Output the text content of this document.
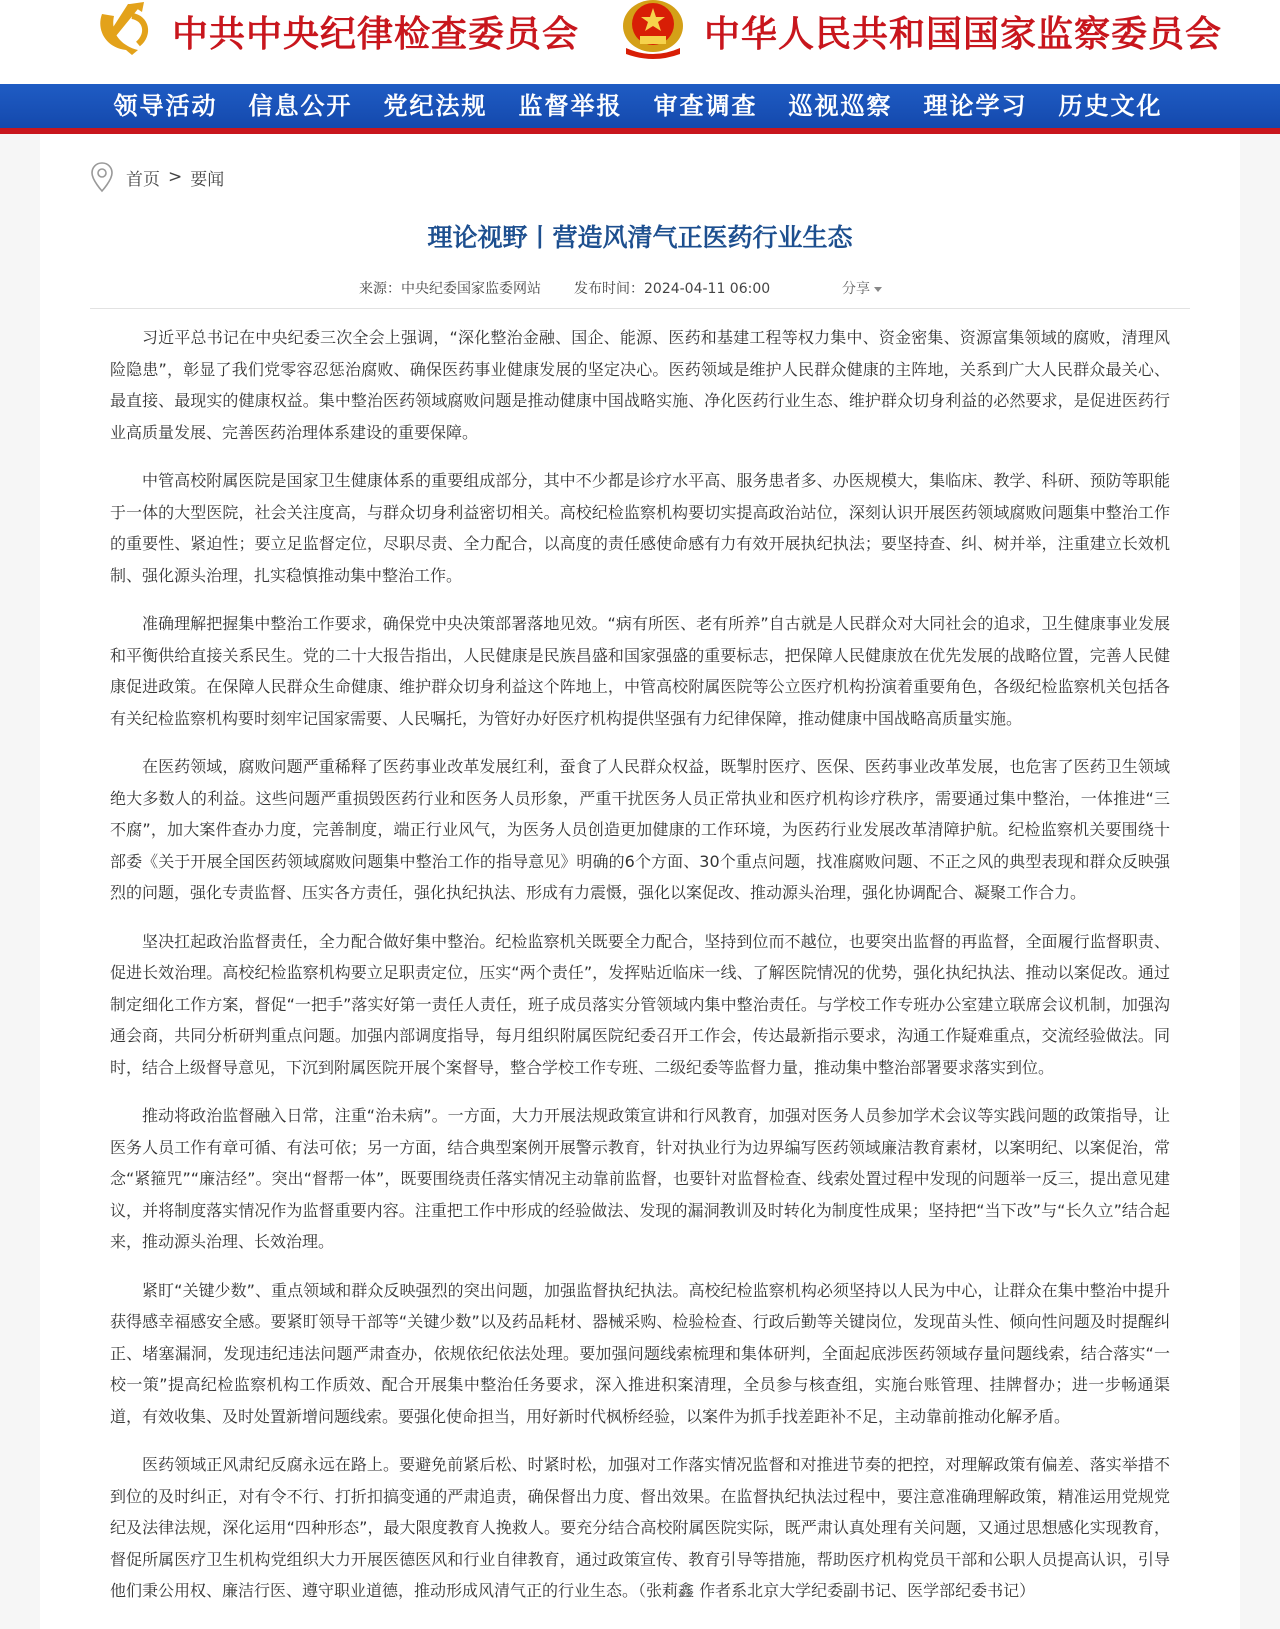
中共中央纪律检查委员会	中华人民共和国国家监察委员会
领导活动	信息公开	党纪法规	监督举报	审查调查	巡视巡察	理论学习	历史文化
首页 > 要闻
理论视野丨营造风清气正医药行业生态
来源：中央纪委国家监委网站 发布时间：2024-04-11 06:00	分享

习近平总书记在中央纪委三次全会上强调，“深化整治金融、国企、能源、医药和基建工程等权力集中、资金密集、资源富集领域的腐败，清理风险隐患”，彰显了我们党零容忍惩治腐败、确保医药事业健康发展的坚定决心。医药领域是维护人民群众健康的主阵地，关系到广大人民群众最关心、最直接、最现实的健康权益。集中整治医药领域腐败问题是推动健康中国战略实施、净化医药行业生态、维护群众切身利益的必然要求，是促进医药行业高质量发展、完善医药治理体系建设的重要保障。

中管高校附属医院是国家卫生健康体系的重要组成部分，其中不少都是诊疗水平高、服务患者多、办医规模大，集临床、教学、科研、预防等职能于一体的大型医院，社会关注度高，与群众切身利益密切相关。高校纪检监察机构要切实提高政治站位，深刻认识开展医药领域腐败问题集中整治工作的重要性、紧迫性；要立足监督定位，尽职尽责、全力配合，以高度的责任感使命感有力有效开展执纪执法；要坚持查、纠、树并举，注重建立长效机制、强化源头治理，扎实稳慎推动集中整治工作。

准确理解把握集中整治工作要求，确保党中央决策部署落地见效。“病有所医、老有所养”自古就是人民群众对大同社会的追求，卫生健康事业发展和平衡供给直接关系民生。党的二十大报告指出，人民健康是民族昌盛和国家强盛的重要标志，把保障人民健康放在优先发展的战略位置，完善人民健康促进政策。在保障人民群众生命健康、维护群众切身利益这个阵地上，中管高校附属医院等公立医疗机构扮演着重要角色，各级纪检监察机关包括各有关纪检监察机构要时刻牢记国家需要、人民嘱托，为管好办好医疗机构提供坚强有力纪律保障，推动健康中国战略高质量实施。

在医药领域，腐败问题严重稀释了医药事业改革发展红利，蚕食了人民群众权益，既掣肘医疗、医保、医药事业改革发展，也危害了医药卫生领域绝大多数人的利益。这些问题严重损毁医药行业和医务人员形象，严重干扰医务人员正常执业和医疗机构诊疗秩序，需要通过集中整治，一体推进“三不腐”，加大案件查办力度，完善制度，端正行业风气，为医务人员创造更加健康的工作环境，为医药行业发展改革清障护航。纪检监察机关要围绕十部委《关于开展全国医药领域腐败问题集中整治工作的指导意见》明确的6个方面、30个重点问题，找准腐败问题、不正之风的典型表现和群众反映强烈的问题，强化专责监督、压实各方责任，强化执纪执法、形成有力震慑，强化以案促改、推动源头治理，强化协调配合、凝聚工作合力。

坚决扛起政治监督责任，全力配合做好集中整治。纪检监察机关既要全力配合，坚持到位而不越位，也要突出监督的再监督，全面履行监督职责、促进长效治理。高校纪检监察机构要立足职责定位，压实“两个责任”，发挥贴近临床一线、了解医院情况的优势，强化执纪执法、推动以案促改。通过制定细化工作方案，督促“一把手”落实好第一责任人责任，班子成员落实分管领域内集中整治责任。与学校工作专班办公室建立联席会议机制，加强沟通会商，共同分析研判重点问题。加强内部调度指导，每月组织附属医院纪委召开工作会，传达最新指示要求，沟通工作疑难重点，交流经验做法。同时，结合上级督导意见，下沉到附属医院开展个案督导，整合学校工作专班、二级纪委等监督力量，推动集中整治部署要求落实到位。

推动将政治监督融入日常，注重“治未病”。一方面，大力开展法规政策宣讲和行风教育，加强对医务人员参加学术会议等实践问题的政策指导，让医务人员工作有章可循、有法可依；另一方面，结合典型案例开展警示教育，针对执业行为边界编写医药领域廉洁教育素材，以案明纪、以案促治，常念“紧箍咒”“廉洁经”。突出“督帮一体”，既要围绕责任落实情况主动靠前监督，也要针对监督检查、线索处置过程中发现的问题举一反三，提出意见建议，并将制度落实情况作为监督重要内容。注重把工作中形成的经验做法、发现的漏洞教训及时转化为制度性成果；坚持把“当下改”与“长久立”结合起来，推动源头治理、长效治理。

紧盯“关键少数”、重点领域和群众反映强烈的突出问题，加强监督执纪执法。高校纪检监察机构必须坚持以人民为中心，让群众在集中整治中提升获得感幸福感安全感。要紧盯领导干部等“关键少数”以及药品耗材、器械采购、检验检查、行政后勤等关键岗位，发现苗头性、倾向性问题及时提醒纠正、堵塞漏洞，发现违纪违法问题严肃查办，依规依纪依法处理。要加强问题线索梳理和集体研判，全面起底涉医药领域存量问题线索，结合落实“一校一策”提高纪检监察机构工作质效、配合开展集中整治任务要求，深入推进积案清理，全员参与核查组，实施台账管理、挂牌督办；进一步畅通渠道，有效收集、及时处置新增问题线索。要强化使命担当，用好新时代枫桥经验，以案件为抓手找差距补不足，主动靠前推动化解矛盾。

医药领域正风肃纪反腐永远在路上。要避免前紧后松、时紧时松，加强对工作落实情况监督和对推进节奏的把控，对理解政策有偏差、落实举措不到位的及时纠正，对有令不行、打折扣搞变通的严肃追责，确保督出力度、督出效果。在监督执纪执法过程中，要注意准确理解政策，精准运用党规党纪及法律法规，深化运用“四种形态”，最大限度教育人挽救人。要充分结合高校附属医院实际，既严肃认真处理有关问题，又通过思想感化实现教育，督促所属医疗卫生机构党组织大力开展医德医风和行业自律教育，通过政策宣传、教育引导等措施，帮助医疗机构党员干部和公职人员提高认识，引导他们秉公用权、廉洁行医、遵守职业道德，推动形成风清气正的行业生态。（张莉鑫 作者系北京大学纪委副书记、医学部纪委书记）
